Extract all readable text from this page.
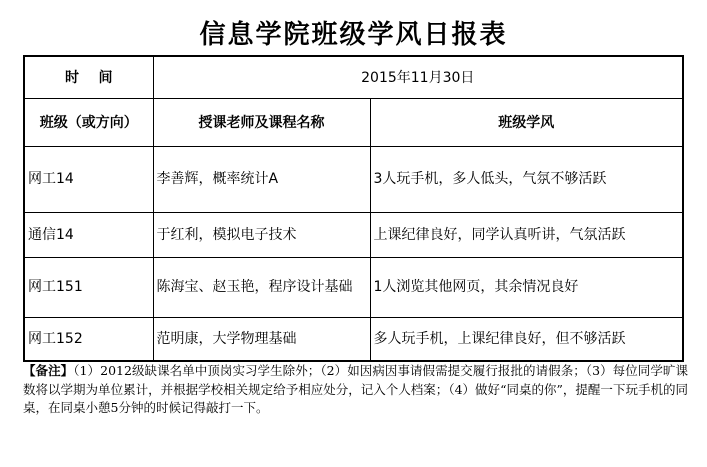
信息学院班级学风日报表
时    间	2015年11月30日	
班级（或方向）	授课老师及课程名称	班级学风
网工14	李善辉，概率统计A	3人玩手机，多人低头，气氛不够活跃
通信14	于红利，模拟电子技术	上课纪律良好，同学认真听讲，气氛活跃
网工151	陈海宝、赵玉艳，程序设计基础	1人浏览其他网页，其余情况良好
网工152	范明康，大学物理基础	多人玩手机，上课纪律良好，但不够活跃
【备注】（1）2012级缺课名单中顶岗实习学生除外；（2）如因病因事请假需提交履行报批的请假条；（3）每位同学旷课数将以学期为单位累计，并根据学校相关规定给予相应处分，记入个人档案；（4）做好“同桌的你”，提醒一下玩手机的同桌，在同桌小憩5分钟的时候记得敲打一下。
